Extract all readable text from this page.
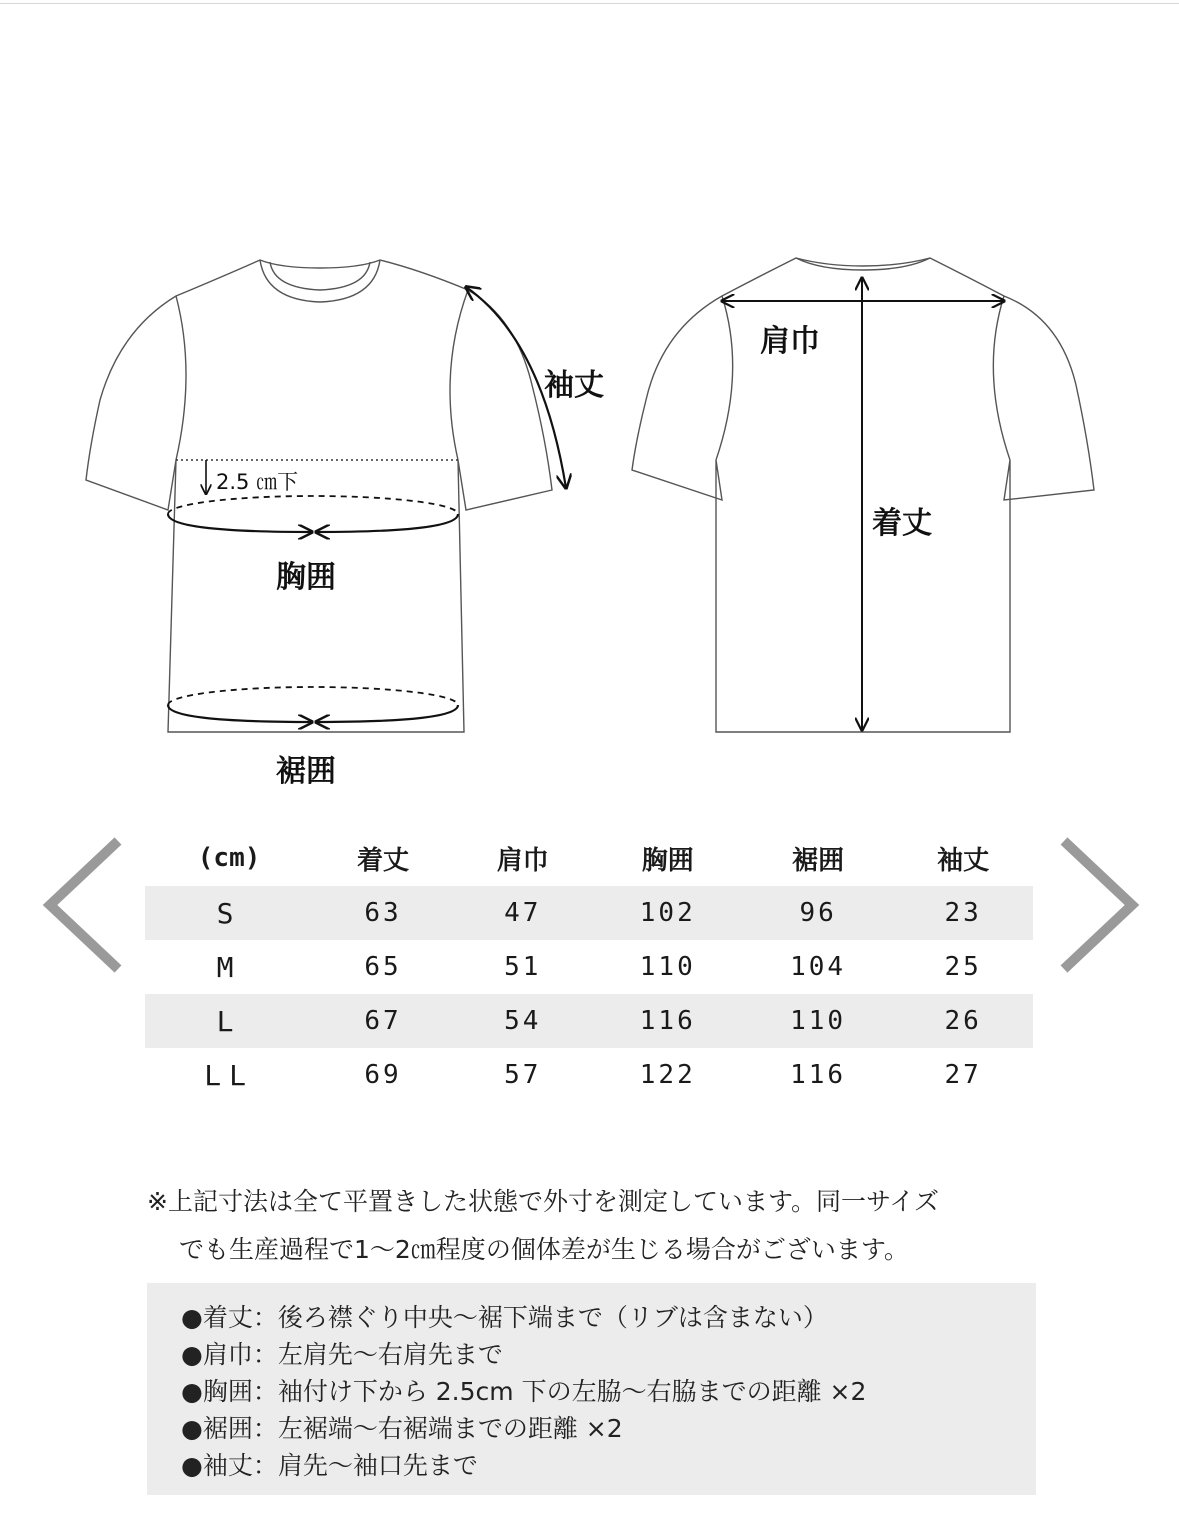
袖丈
肩巾
着丈
胸囲
裾囲
2.5 ㎝下
(cm)	着丈	肩巾	胸囲	裾囲	袖丈
S	63	47	102	96	23
M	65	51	110	104	25
L	67	54	116	110	26
LL	69	57	122	116	27
※上記寸法は全て平置きした状態で外寸を測定しています。同一サイズ
でも生産過程で1〜2㎝程度の個体差が生じる場合がございます。
●着丈：後ろ襟ぐり中央〜裾下端まで（リブは含まない）
●肩巾：左肩先〜右肩先まで
●胸囲：袖付け下から 2.5cm 下の左脇〜右脇までの距離 ×2
●裾囲：左裾端〜右裾端までの距離 ×2
●袖丈：肩先〜袖口先まで
